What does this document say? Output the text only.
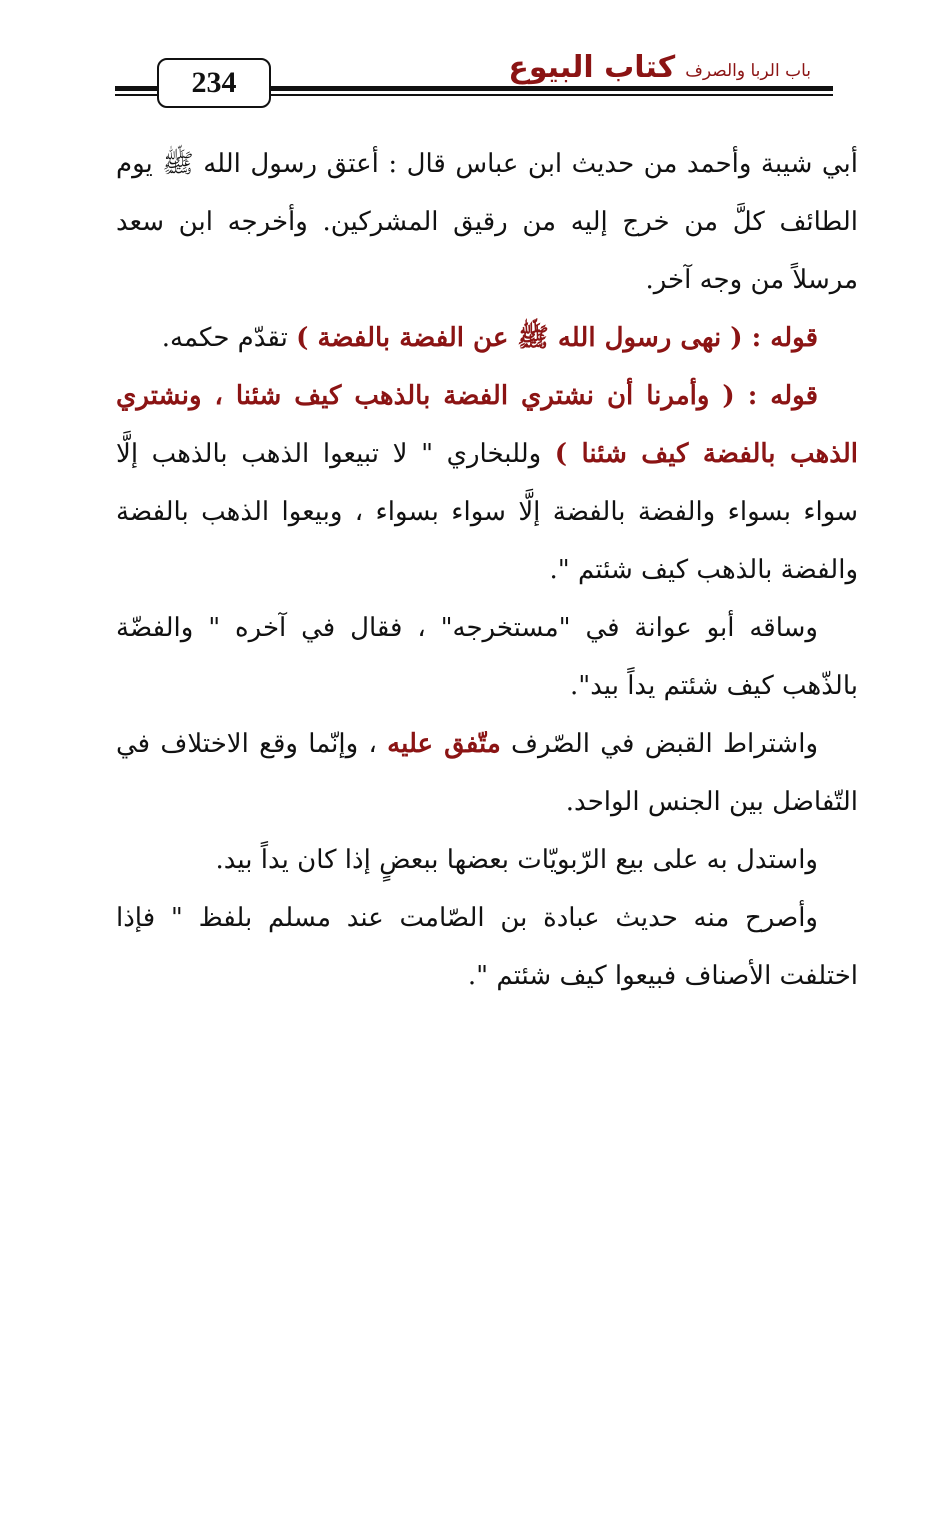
234	كتاب البيوع باب الربا والصرف

أبي شيبة وأحمد من حديث ابن عباس قال : أعتق رسول الله ﷺ يوم الطائف كلَّ من خرج إليه من رقيق المشركين. وأخرجه ابن سعد مرسلاً من وجه آخر.

قوله : ( نهى رسول الله ﷺ عن الفضة بالفضة ) تقدّم حكمه.

قوله : ( وأمرنا أن نشتري الفضة بالذهب كيف شئنا ، ونشتري الذهب بالفضة كيف شئنا ) وللبخاري " لا تبيعوا الذهب بالذهب إلَّا سواء بسواء والفضة بالفضة إلَّا سواء بسواء ، وبيعوا الذهب بالفضة والفضة بالذهب كيف شئتم ".

وساقه أبو عوانة في "مستخرجه" ، فقال في آخره " والفضّة بالذّهب كيف شئتم يداً بيد".

واشتراط القبض في الصّرف متّفق عليه ، وإنّما وقع الاختلاف في التّفاضل بين الجنس الواحد.

واستدل به على بيع الرّبويّات بعضها ببعضٍ إذا كان يداً بيد.

وأصرح منه حديث عبادة بن الصّامت عند مسلم بلفظ " فإذا اختلفت الأصناف فبيعوا كيف شئتم ".
